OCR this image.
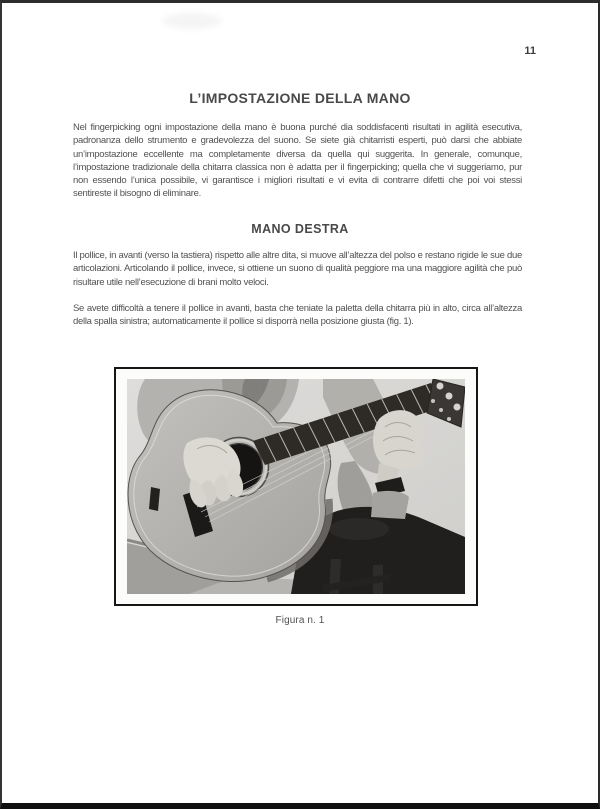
11
L’IMPOSTAZIONE DELLA MANO

Nel fingerpicking ogni impostazione della mano è buona purché dia soddisfacenti risultati in agilità esecutiva, padronanza dello strumento e gradevolezza del suono. Se siete già chitarristi esperti, può darsi che abbiate un’impostazione eccellente ma completamente diversa da quella qui suggerita. In generale, comunque, l’impostazione tradizionale della chitarra classica non è adatta per il fingerpicking; quella che vi suggeriamo, pur non essendo l’unica possibile, vi garantisce i migliori risultati e vi evita di contrarre difetti che poi voi stessi sentireste il bisogno di eliminare.

MANO DESTRA

Il pollice, in avanti (verso la tastiera) rispetto alle altre dita, si muove all’altezza del polso e restano rigide le sue due articolazioni. Articolando il pollice, invece, si ottiene un suono di qualità peggiore ma una maggiore agilità che può risultare utile nell’esecuzione di brani molto veloci.

Se avete difficoltà a tenere il pollice in avanti, basta che teniate la paletta della chitarra più in alto, circa all’altezza della spalla sinistra; automaticamente il pollice si disporrà nella posizione giusta (fig. 1).

Figura n. 1
